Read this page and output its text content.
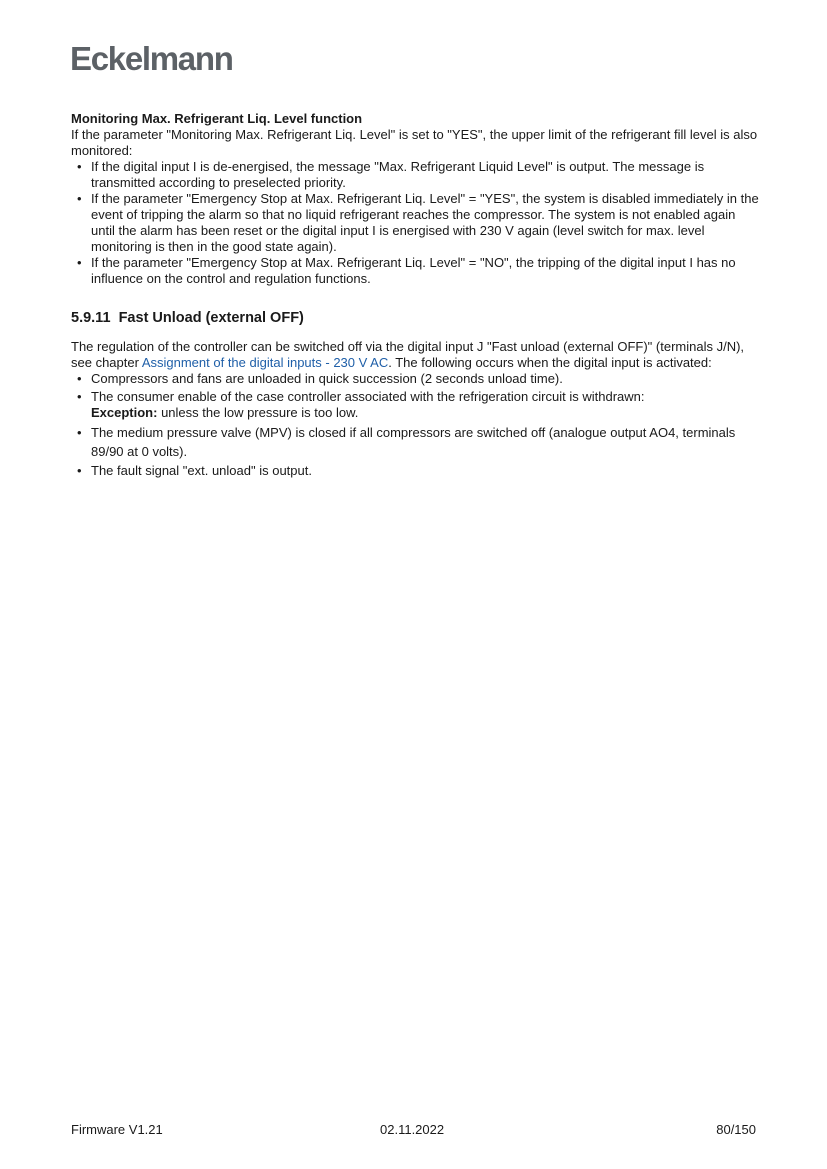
Eckelmann
Monitoring Max. Refrigerant Liq. Level function

If the parameter "Monitoring Max. Refrigerant Liq. Level" is set to "YES", the upper limit of the refrigerant fill level is also monitored:

• If the digital input I is de-energised, the message "Max. Refrigerant Liquid Level" is output. The message is transmitted according to preselected priority.
• If the parameter "Emergency Stop at Max. Refrigerant Liq. Level" = "YES", the system is disabled immediately in the event of tripping the alarm so that no liquid refrigerant reaches the compressor. The system is not enabled again until the alarm has been reset or the digital input I is energised with 230 V again (level switch for max. level monitoring is then in the good state again).
• If the parameter "Emergency Stop at Max. Refrigerant Liq. Level" = "NO", the tripping of the digital input I has no influence on the control and regulation functions.
5.9.11 Fast Unload (external OFF)

The regulation of the controller can be switched off via the digital input J "Fast unload (external OFF)" (terminals J/N), see chapter Assignment of the digital inputs - 230 V AC. The following occurs when the digital input is activated:

• Compressors and fans are unloaded in quick succession (2 seconds unload time).
• The consumer enable of the case controller associated with the refrigeration circuit is withdrawn:
Exception: unless the low pressure is too low.
• The medium pressure valve (MPV) is closed if all compressors are switched off (analogue output AO4, terminals 89/90 at 0 volts).
• The fault signal "ext. unload" is output.
Firmware V1.21	02.11.2022	80/150
